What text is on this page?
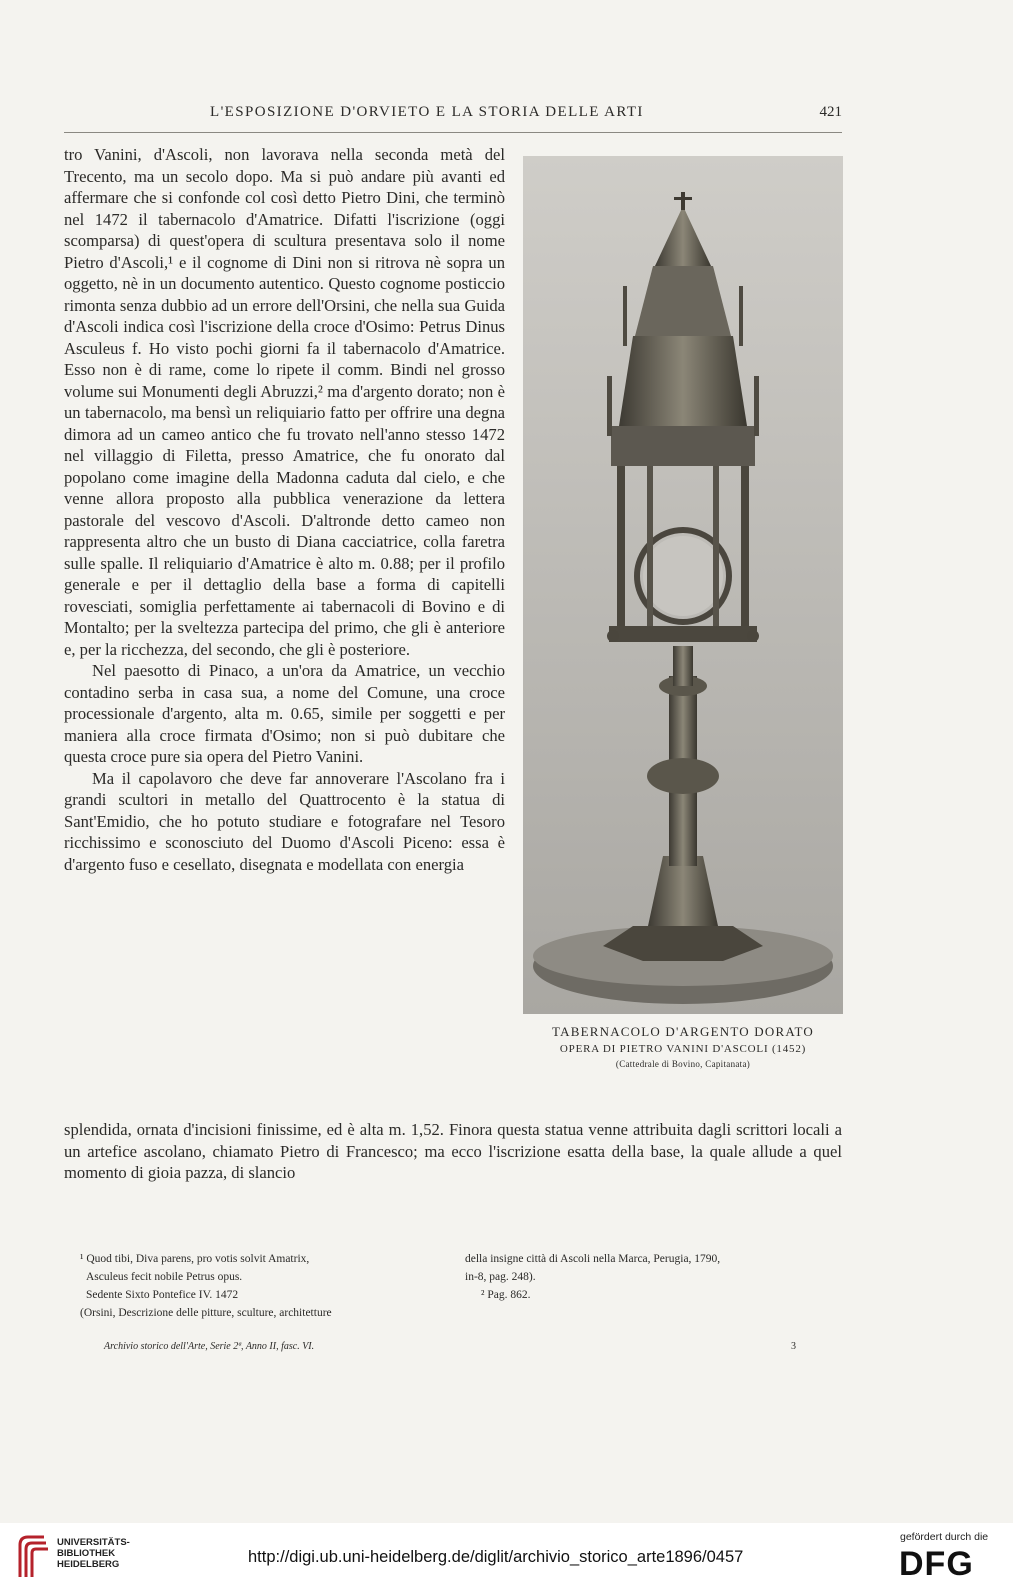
L'ESPOSIZIONE D'ORVIETO E LA STORIA DELLE ARTI	421

tro Vanini, d'Ascoli, non lavorava nella seconda metà del Trecento, ma un secolo dopo. Ma si può andare più avanti ed affermare che si confonde col così detto Pietro Dini, che terminò nel 1472 il tabernacolo d'Amatrice. Difatti l'iscrizione (oggi scomparsa) di quest'opera di scultura presentava solo il nome Pietro d'Ascoli,¹ e il cognome di Dini non si ritrova nè sopra un oggetto, nè in un documento autentico. Questo cognome posticcio rimonta senza dubbio ad un errore dell'Orsini, che nella sua Guida d'Ascoli indica così l'iscrizione della croce d'Osimo: Petrus Dinus Asculeus f. Ho visto pochi giorni fa il tabernacolo d'Amatrice. Esso non è di rame, come lo ripete il comm. Bindi nel grosso volume sui Monumenti degli Abruzzi,² ma d'argento dorato; non è un tabernacolo, ma bensì un reliquiario fatto per offrire una degna dimora ad un cameo antico che fu trovato nell'anno stesso 1472 nel villaggio di Filetta, presso Amatrice, che fu onorato dal popolano come imagine della Madonna caduta dal cielo, e che venne allora proposto alla pubblica venerazione da lettera pastorale del vescovo d'Ascoli. D'altronde detto cameo non rappresenta altro che un busto di Diana cacciatrice, colla faretra sulle spalle. Il reliquiario d'Amatrice è alto m. 0.88; per il profilo generale e per il dettaglio della base a forma di capitelli rovesciati, somiglia perfettamente ai tabernacoli di Bovino e di Montalto; per la sveltezza partecipa del primo, che gli è anteriore e, per la ricchezza, del secondo, che gli è posteriore.

Nel paesotto di Pinaco, a un'ora da Amatrice, un vecchio contadino serba in casa sua, a nome del Comune, una croce processionale d'argento, alta m. 0.65, simile per soggetti e per maniera alla croce firmata d'Osimo; non si può dubitare che questa croce pure sia opera del Pietro Vanini.

Ma il capolavoro che deve far annoverare l'Ascolano fra i grandi scultori in metallo del Quattrocento è la statua di Sant'Emidio, che ho potuto studiare e fotografare nel Tesoro ricchissimo e sconosciuto del Duomo d'Ascoli Piceno: essa è d'argento fuso e cesellato, disegnata e modellata con energia

TABERNACOLO D'ARGENTO DORATO
OPERA DI PIETRO VANINI D'ASCOLI (1452)
(Cattedrale di Bovino, Capitanata)
splendida, ornata d'incisioni finissime, ed è alta m. 1,52. Finora questa statua venne attribuita dagli scrittori locali a un artefice ascolano, chiamato Pietro di Francesco; ma ecco l'iscrizione esatta della base, la quale allude a quel momento di gioia pazza, di slancio
¹ Quod tibi, Diva parens, pro votis solvit Amatrix,
Asculeus fecit nobile Petrus opus.
Sedente Sixto Pontefice IV. 1472
(Orsini, Descrizione delle pitture, sculture, architetture
della insigne città di Ascoli nella Marca, Perugia, 1790,
in-8, pag. 248).
² Pag. 862.
Archivio storico dell'Arte, Serie 2ª, Anno II, fasc. VI.	3
UNIVERSITÄTS-
BIBLIOTHEK
HEIDELBERG	http://digi.ub.uni-heidelberg.de/diglit/archivio_storico_arte1896/0457
gefördert durch die
DFG
